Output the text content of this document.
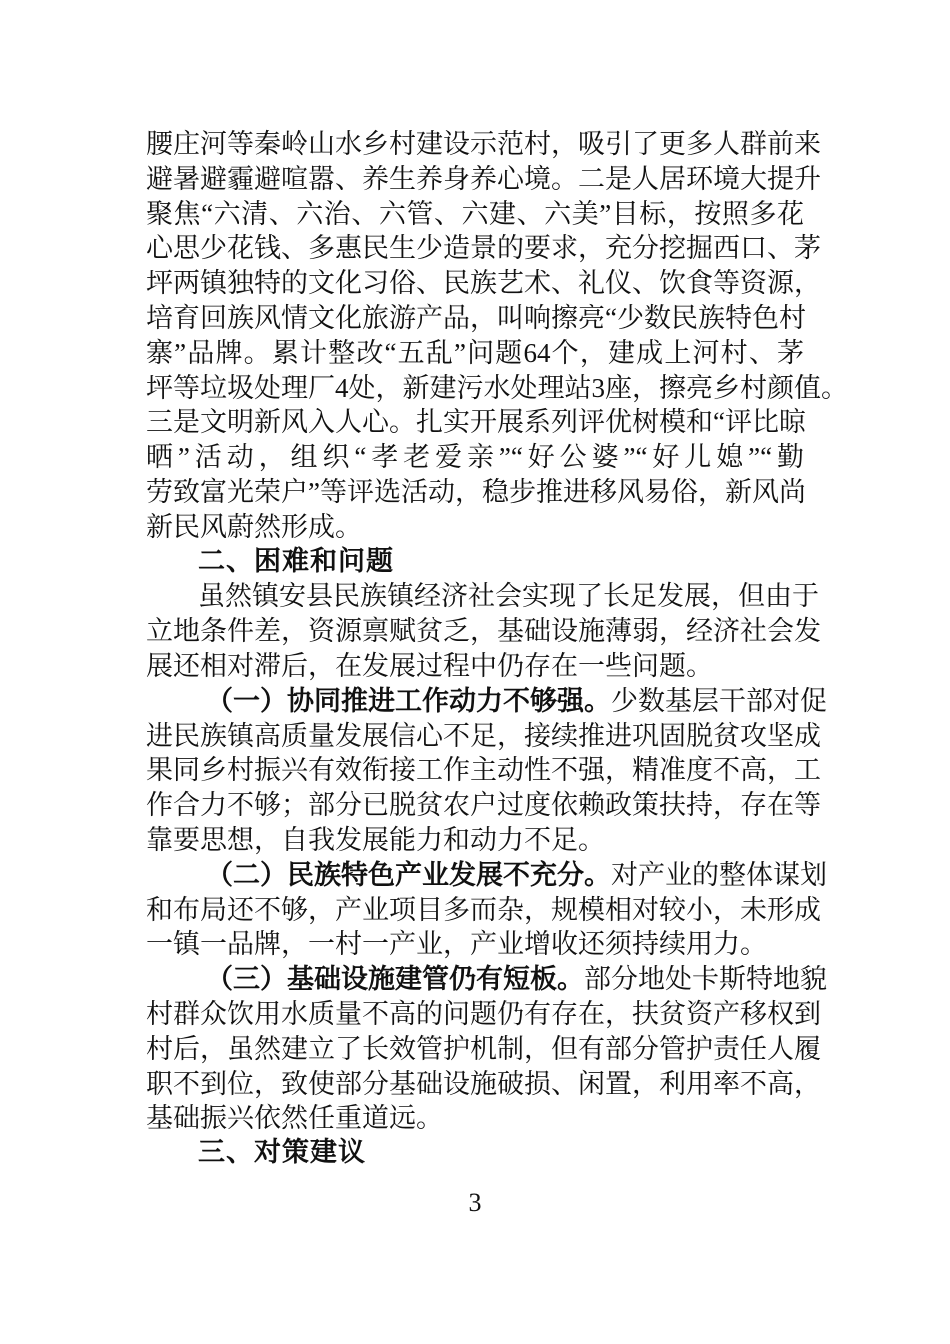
腰庄河等秦岭山水乡村建设示范村，吸引了更多人群前来
避暑避霾避喧嚣、养生养身养心境。二是人居环境大提升
聚焦“六清、六治、六管、六建、六美”目标，按照多花
心思少花钱、多惠民生少造景的要求，充分挖掘西口、茅
坪两镇独特的文化习俗、民族艺术、礼仪、饮食等资源，
培育回族风情文化旅游产品，叫响擦亮“少数民族特色村
寨”品牌。累计整改“五乱”问题64个，建成上河村、茅
坪等垃圾处理厂4处，新建污水处理站3座，擦亮乡村颜值。
三是文明新风入人心。扎实开展系列评优树模和“评比晾
晒”活动，组织“孝老爱亲”“好公婆”“好儿媳”“勤
劳致富光荣户”等评选活动，稳步推进移风易俗，新风尚
新民风蔚然形成。
二、困难和问题
虽然镇安县民族镇经济社会实现了长足发展，但由于
立地条件差，资源禀赋贫乏，基础设施薄弱，经济社会发
展还相对滞后，在发展过程中仍存在一些问题。
（一）协同推进工作动力不够强。少数基层干部对促
进民族镇高质量发展信心不足，接续推进巩固脱贫攻坚成
果同乡村振兴有效衔接工作主动性不强，精准度不高，工
作合力不够；部分已脱贫农户过度依赖政策扶持，存在等
靠要思想，自我发展能力和动力不足。
（二）民族特色产业发展不充分。对产业的整体谋划
和布局还不够，产业项目多而杂，规模相对较小，未形成
一镇一品牌，一村一产业，产业增收还须持续用力。
（三）基础设施建管仍有短板。部分地处卡斯特地貌
村群众饮用水质量不高的问题仍有存在，扶贫资产移权到
村后，虽然建立了长效管护机制，但有部分管护责任人履
职不到位，致使部分基础设施破损、闲置，利用率不高，
基础振兴依然任重道远。
三、对策建议
3
